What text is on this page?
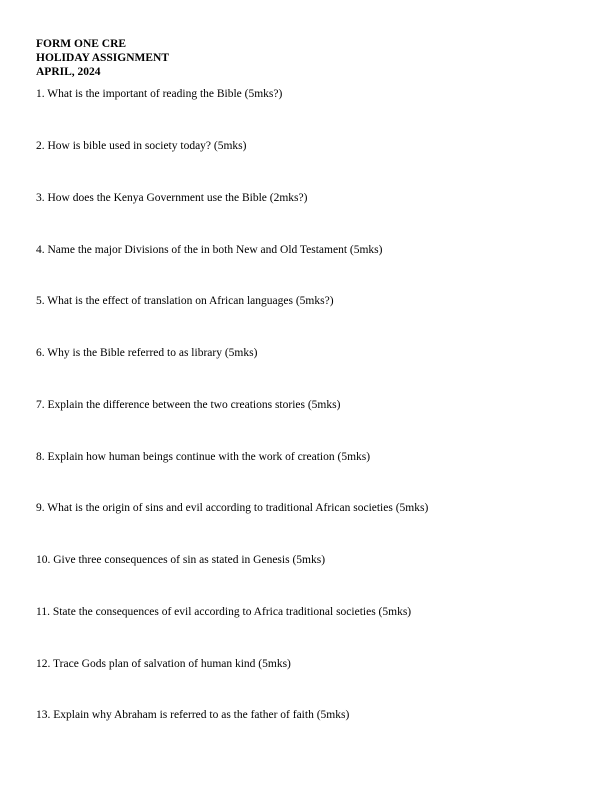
FORM ONE CRE
HOLIDAY ASSIGNMENT
APRIL, 2024
1. What is the important of reading the Bible (5mks?)
2. How is bible used in society today? (5mks)
3. How does the Kenya Government use the Bible (2mks?)
4. Name the major Divisions of the in both New and Old Testament (5mks)
5. What is the effect of translation on African languages (5mks?)
6. Why is the Bible referred to as library (5mks)
7. Explain the difference between the two creations stories (5mks)
8. Explain how human beings continue with the work of creation (5mks)
9. What is the origin of sins and evil according to traditional African societies (5mks)
10. Give three consequences of sin as stated in Genesis (5mks)
11. State the consequences of evil according to Africa traditional societies (5mks)
12. Trace Gods plan of salvation of human kind (5mks)
13. Explain why Abraham is referred to as the father of faith (5mks)
